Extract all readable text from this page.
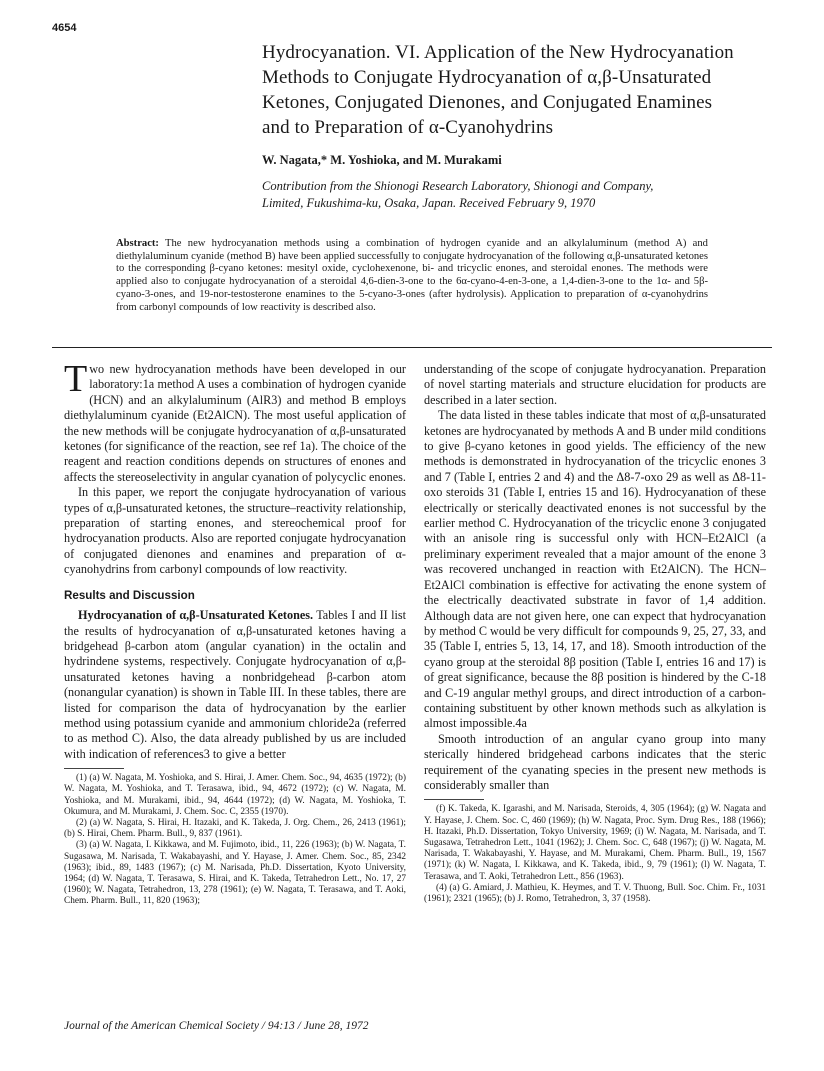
4654
Hydrocyanation. VI. Application of the New Hydrocyanation
Methods to Conjugate Hydrocyanation of α,β-Unsaturated
Ketones, Conjugated Dienones, and Conjugated Enamines
and to Preparation of α-Cyanohydrins
W. Nagata,* M. Yoshioka, and M. Murakami
Contribution from the Shionogi Research Laboratory, Shionogi and Company,
Limited, Fukushima-ku, Osaka, Japan. Received February 9, 1970
Abstract: The new hydrocyanation methods using a combination of hydrogen cyanide and an alkylaluminum (method A) and diethylaluminum cyanide (method B) have been applied successfully to conjugate hydrocyanation of the following α,β-unsaturated ketones to the corresponding β-cyano ketones: mesityl oxide, cyclohexenone, bi- and tricyclic enones, and steroidal enones. The methods were applied also to conjugate hydrocyanation of a steroidal 4,6-dien-3-one to the 6α-cyano-4-en-3-one, a 1,4-dien-3-one to the 1α- and 5β-cyano-3-ones, and 19-nor-testosterone enamines to the 5-cyano-3-ones (after hydrolysis). Application to preparation of α-cyanohydrins from carbonyl compounds of low reactivity is described also.

Two new hydrocyanation methods have been developed in our laboratory:1a method A uses a combination of hydrogen cyanide (HCN) and an alkylaluminum (AlR3) and method B employs diethylaluminum cyanide (Et2AlCN). The most useful application of the new methods will be conjugate hydrocyanation of α,β-unsaturated ketones (for significance of the reaction, see ref 1a). The choice of the reagent and reaction conditions depends on structures of enones and affects the stereoselectivity in angular cyanation of polycyclic enones.

In this paper, we report the conjugate hydrocyanation of various types of α,β-unsaturated ketones, the structure–reactivity relationship, preparation of starting enones, and stereochemical proof for hydrocyanation products. Also are reported conjugate hydrocyanation of conjugated dienones and enamines and preparation of α-cyanohydrins from carbonyl compounds of low reactivity.

Results and Discussion

Hydrocyanation of α,β-Unsaturated Ketones. Tables I and II list the results of hydrocyanation of α,β-unsaturated ketones having a bridgehead β-carbon atom (angular cyanation) in the octalin and hydrindene systems, respectively. Conjugate hydrocyanation of α,β-unsaturated ketones having a nonbridgehead β-carbon atom (nonangular cyanation) is shown in Table III. In these tables, there are listed for comparison the data of hydrocyanation by the earlier method using potassium cyanide and ammonium chloride2a (referred to as method C). Also, the data already published by us are included with indication of references3 to give a better

(1) (a) W. Nagata, M. Yoshioka, and S. Hirai, J. Amer. Chem. Soc., 94, 4635 (1972); (b) W. Nagata, M. Yoshioka, and T. Terasawa, ibid., 94, 4672 (1972); (c) W. Nagata, M. Yoshioka, and M. Murakami, ibid., 94, 4644 (1972); (d) W. Nagata, M. Yoshioka, T. Okumura, and M. Murakami, J. Chem. Soc. C, 2355 (1970).

(2) (a) W. Nagata, S. Hirai, H. Itazaki, and K. Takeda, J. Org. Chem., 26, 2413 (1961); (b) S. Hirai, Chem. Pharm. Bull., 9, 837 (1961).

(3) (a) W. Nagata, I. Kikkawa, and M. Fujimoto, ibid., 11, 226 (1963); (b) W. Nagata, T. Sugasawa, M. Narisada, T. Wakabayashi, and Y. Hayase, J. Amer. Chem. Soc., 85, 2342 (1963); ibid., 89, 1483 (1967); (c) M. Narisada, Ph.D. Dissertation, Kyoto University, 1964; (d) W. Nagata, T. Terasawa, S. Hirai, and K. Takeda, Tetrahedron Lett., No. 17, 27 (1960); W. Nagata, Tetrahedron, 13, 278 (1961); (e) W. Nagata, T. Terasawa, and T. Aoki, Chem. Pharm. Bull., 11, 820 (1963);

understanding of the scope of conjugate hydrocyanation. Preparation of novel starting materials and structure elucidation for products are described in a later section.

The data listed in these tables indicate that most of α,β-unsaturated ketones are hydrocyanated by methods A and B under mild conditions to give β-cyano ketones in good yields. The efficiency of the new methods is demonstrated in hydrocyanation of the tricyclic enones 3 and 7 (Table I, entries 2 and 4) and the Δ8-7-oxo 29 as well as Δ8-11-oxo steroids 31 (Table I, entries 15 and 16). Hydrocyanation of these electrically or sterically deactivated enones is not successful by the earlier method C. Hydrocyanation of the tricyclic enone 3 conjugated with an anisole ring is successful only with HCN–Et2AlCl (a preliminary experiment revealed that a major amount of the enone 3 was recovered unchanged in reaction with Et2AlCN). The HCN–Et2AlCl combination is effective for activating the enone system of the electrically deactivated substrate in favor of 1,4 addition. Although data are not given here, one can expect that hydrocyanation by method C would be very difficult for compounds 9, 25, 27, 33, and 35 (Table I, entries 5, 13, 14, 17, and 18). Smooth introduction of the cyano group at the steroidal 8β position (Table I, entries 16 and 17) is of great significance, because the 8β position is hindered by the C-18 and C-19 angular methyl groups, and direct introduction of a carbon-containing substituent by other known methods such as alkylation is almost impossible.4a

Smooth introduction of an angular cyano group into many sterically hindered bridgehead carbons indicates that the steric requirement of the cyanating species in the present new methods is considerably smaller than

(f) K. Takeda, K. Igarashi, and M. Narisada, Steroids, 4, 305 (1964); (g) W. Nagata and Y. Hayase, J. Chem. Soc. C, 460 (1969); (h) W. Nagata, Proc. Sym. Drug Res., 188 (1966); H. Itazaki, Ph.D. Dissertation, Tokyo University, 1969; (i) W. Nagata, M. Narisada, and T. Sugasawa, Tetrahedron Lett., 1041 (1962); J. Chem. Soc. C, 648 (1967); (j) W. Nagata, M. Narisada, T. Wakabayashi, Y. Hayase, and M. Murakami, Chem. Pharm. Bull., 19, 1567 (1971); (k) W. Nagata, I. Kikkawa, and K. Takeda, ibid., 9, 79 (1961); (l) W. Nagata, T. Terasawa, and T. Aoki, Tetrahedron Lett., 856 (1963).

(4) (a) G. Amiard, J. Mathieu, K. Heymes, and T. V. Thuong, Bull. Soc. Chim. Fr., 1031 (1961); 2321 (1965); (b) J. Romo, Tetrahedron, 3, 37 (1958).

Journal of the American Chemical Society / 94:13 / June 28, 1972
